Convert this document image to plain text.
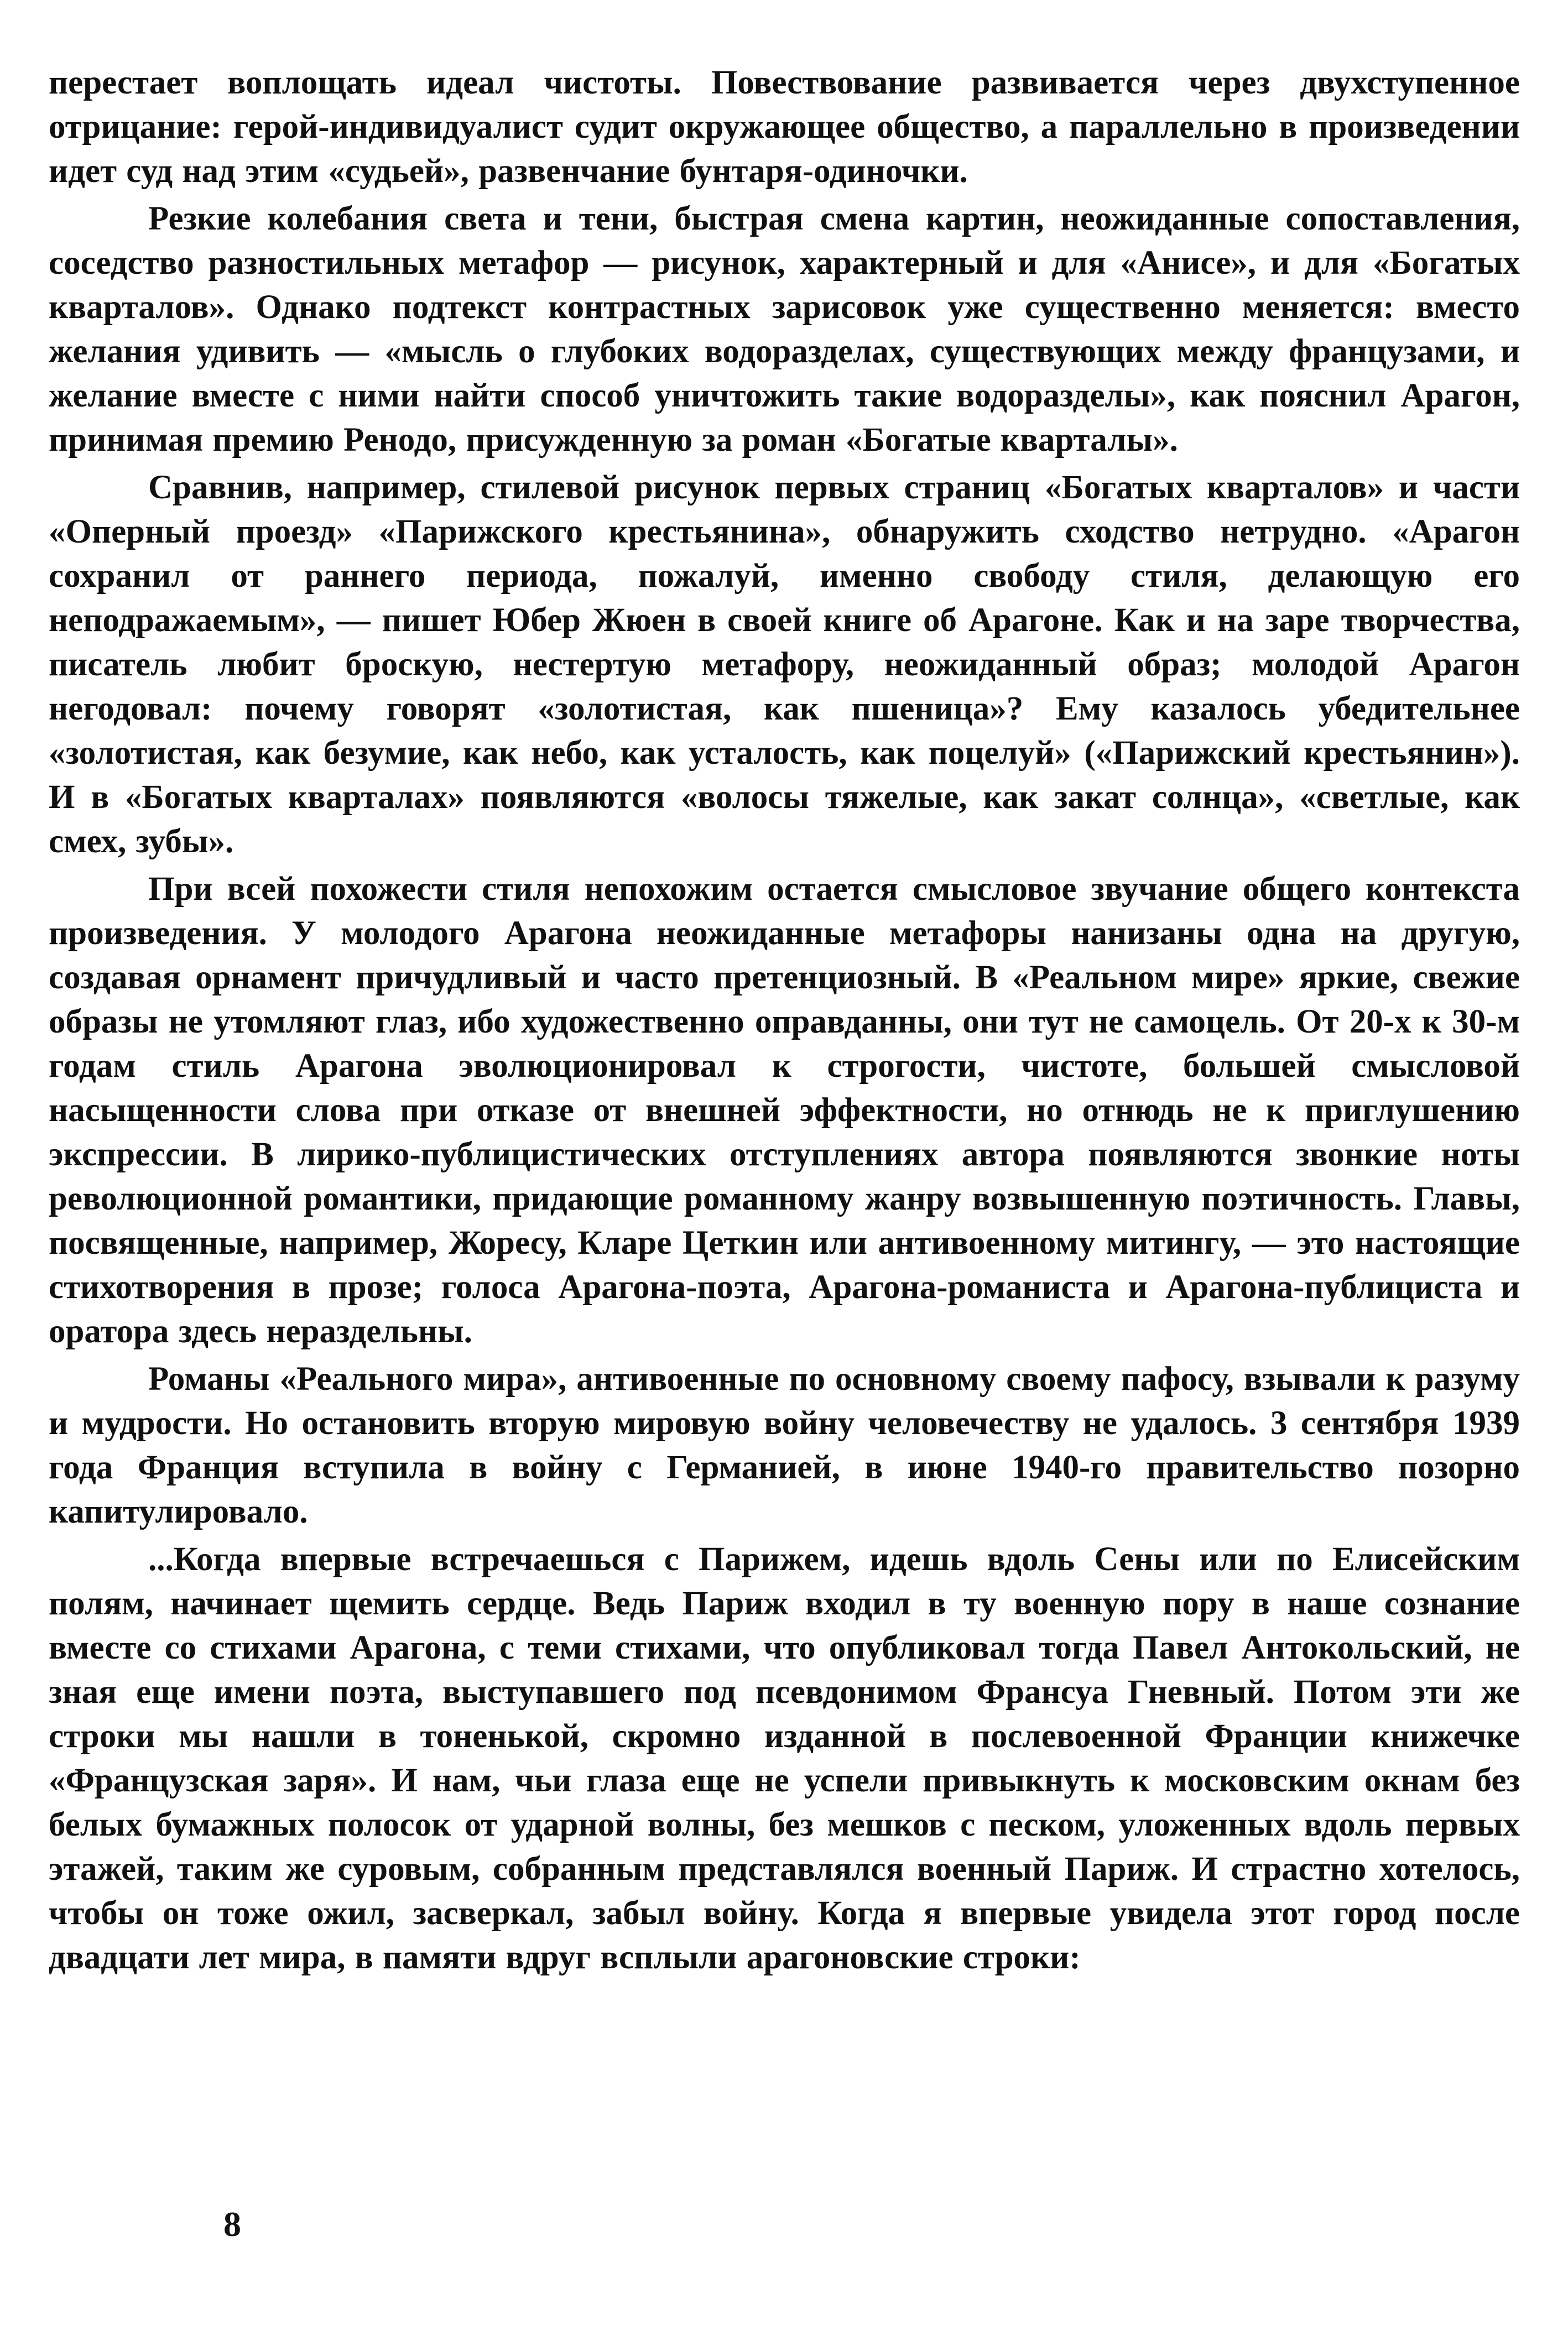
перестает воплощать идеал чистоты. Повествование развивается через двухступенное отрицание: герой-индивидуалист судит окружающее общество, а параллельно в произведении идет суд над этим «судьей», развенчание бунтаря-одиночки.

Резкие колебания света и тени, быстрая смена картин, неожиданные сопоставления, соседство разностильных метафор — рисунок, характерный и для «Анисе», и для «Богатых кварталов». Однако подтекст контрастных зарисовок уже существенно меняется: вместо желания удивить — «мысль о глубоких водоразделах, существующих между французами, и желание вместе с ними найти способ уничтожить такие водоразделы», как пояснил Арагон, принимая премию Ренодо, присужденную за роман «Богатые кварталы».

Сравнив, например, стилевой рисунок первых страниц «Богатых кварталов» и части «Оперный проезд» «Парижского крестьянина», обнаружить сходство нетрудно. «Арагон сохранил от раннего периода, пожалуй, именно свободу стиля, делающую его неподражаемым», — пишет Юбер Жюен в своей книге об Арагоне. Как и на заре творчества, писатель любит броскую, нестертую метафору, неожиданный образ; молодой Арагон негодовал: почему говорят «золотистая, как пшеница»? Ему казалось убедительнее «золотистая, как безумие, как небо, как усталость, как поцелуй» («Парижский крестьянин»). И в «Богатых кварталах» появляются «волосы тяжелые, как закат солнца», «светлые, как смех, зубы».

При всей похожести стиля непохожим остается смысловое звучание общего контекста произведения. У молодого Арагона неожиданные метафоры нанизаны одна на другую, создавая орнамент причудливый и часто претенциозный. В «Реальном мире» яркие, свежие образы не утомляют глаз, ибо художественно оправданны, они тут не самоцель. От 20-х к 30-м годам стиль Арагона эволюционировал к строгости, чистоте, большей смысловой насыщенности слова при отказе от внешней эффектности, но отнюдь не к приглушению экспрессии. В лирико-публицистических отступлениях автора появляются звонкие ноты революционной романтики, придающие романному жанру возвышенную поэтичность. Главы, посвященные, например, Жоресу, Кларе Цеткин или антивоенному митингу, — это настоящие стихотворения в прозе; голоса Арагона-поэта, Арагона-романиста и Арагона-публициста и оратора здесь нераздельны.

Романы «Реального мира», антивоенные по основному своему пафосу, взывали к разуму и мудрости. Но остановить вторую мировую войну человечеству не удалось. 3 сентября 1939 года Франция вступила в войну с Германией, в июне 1940-го правительство позорно капитулировало.

...Когда впервые встречаешься с Парижем, идешь вдоль Сены или по Елисейским полям, начинает щемить сердце. Ведь Париж входил в ту военную пору в наше сознание вместе со стихами Арагона, с теми стихами, что опубликовал тогда Павел Антокольский, не зная еще имени поэта, выступавшего под псевдонимом Франсуа Гневный. Потом эти же строки мы нашли в тоненькой, скромно изданной в послевоенной Франции книжечке «Французская заря». И нам, чьи глаза еще не успели привыкнуть к московским окнам без белых бумажных полосок от ударной волны, без мешков с песком, уложенных вдоль первых этажей, таким же суровым, собранным представлялся военный Париж. И страстно хотелось, чтобы он тоже ожил, засверкал, забыл войну. Когда я впервые увидела этот город после двадцати лет мира, в памяти вдруг всплыли арагоновские строки:

8
